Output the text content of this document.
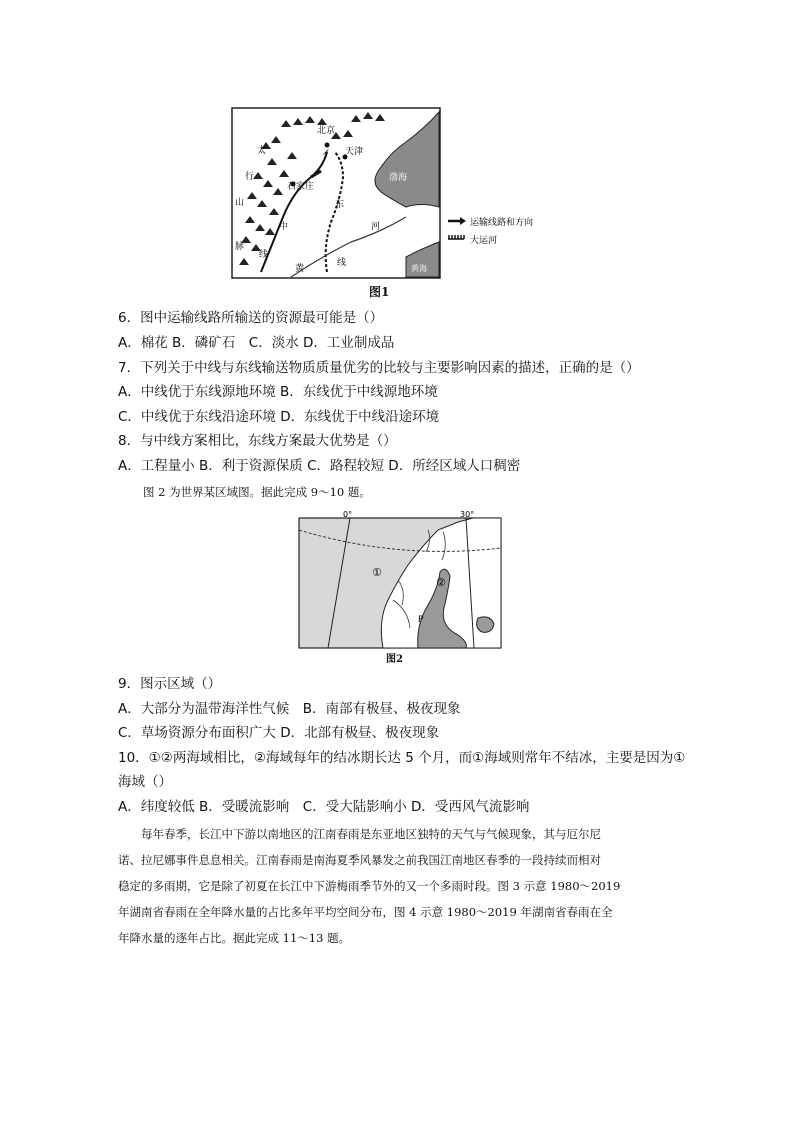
北京
天津
石家庄
渤海
黄海
太
行
山
脉
中
线
东
线
黄
河	运输线路和方向
大运河
图1
6．图中运输线路所输送的资源最可能是（）
A．棉花 B．磷矿石　C．淡水 D．工业制成品
7．下列关于中线与东线输送物质质量优劣的比较与主要影响因素的描述，正确的是（）
A．中线优于东线源地环境 B．东线优于中线源地环境
C．中线优于东线沿途环境 D．东线优于中线沿途环境
8．与中线方案相比，东线方案最大优势是（）
A．工程量小 B．利于资源保质 C．路程较短 D．所经区域人口稠密
图 2 为世界某区域图。据此完成 9～10 题。
0°	30°
①
②
P
图2
9．图示区域（）
A．大部分为温带海洋性气候　B．南部有极昼、极夜现象
C．草场资源分布面积广大 D．北部有极昼、极夜现象
10．①②两海域相比，②海域每年的结冰期长达 5 个月，而①海域则常年不结冰，主要是因为①
海域（）
A．纬度较低 B．受暖流影响　C．受大陆影响小 D．受西风气流影响
　　每年春季，长江中下游以南地区的江南春雨是东亚地区独特的天气与气候现象，其与厄尔尼
诺、拉尼娜事件息息相关。江南春雨是南海夏季风暴发之前我国江南地区春季的一段持续而相对
稳定的多雨期，它是除了初夏在长江中下游梅雨季节外的又一个多雨时段。图 3 示意 1980～2019
年湖南省春雨在全年降水量的占比多年平均空间分布，图 4 示意 1980～2019 年湖南省春雨在全
年降水量的逐年占比。据此完成 11～13 题。
